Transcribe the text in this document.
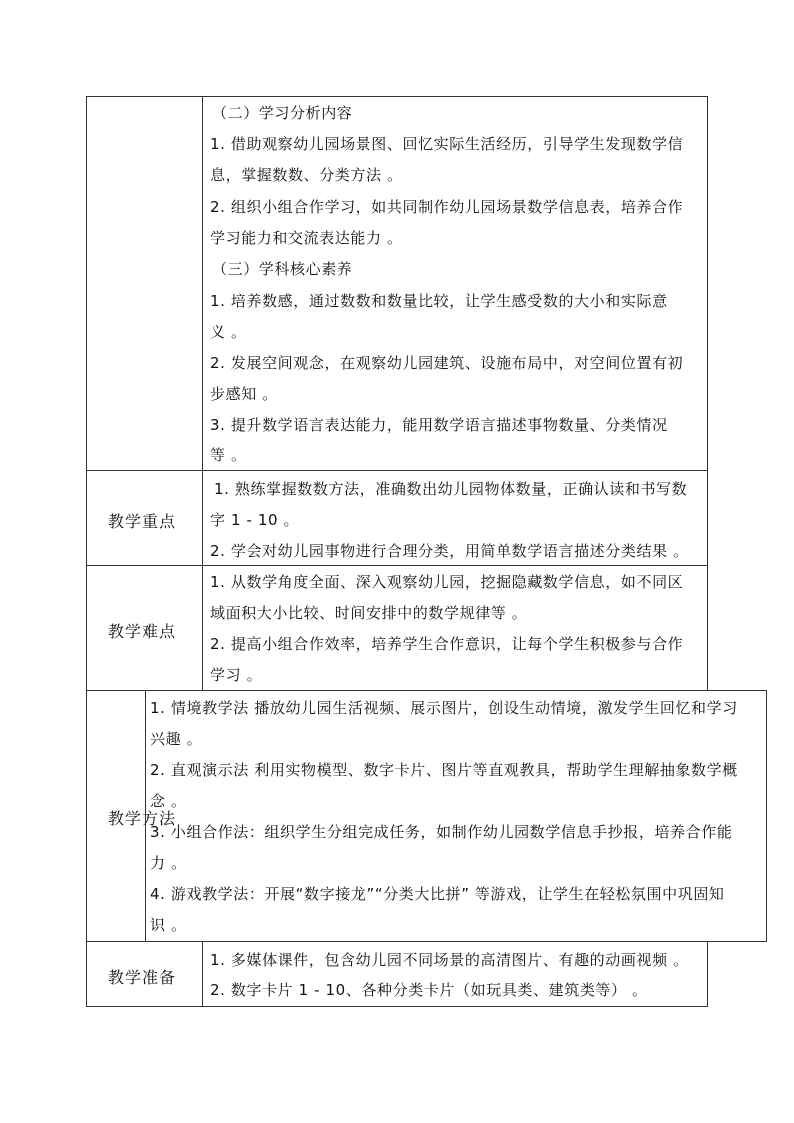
（二）学习分析内容
1. 借助观察幼儿园场景图、回忆实际生活经历，引导学生发现数学信
息，掌握数数、分类方法 。
2. 组织小组合作学习，如共同制作幼儿园场景数学信息表，培养合作
学习能力和交流表达能力 。
（三）学科核心素养
1. 培养数感，通过数数和数量比较，让学生感受数的大小和实际意
义 。
2. 发展空间观念，在观察幼儿园建筑、设施布局中，对空间位置有初
步感知 。
3. 提升数学语言表达能力，能用数学语言描述事物数量、分类情况
等 。
教学重点
1. 熟练掌握数数方法，准确数出幼儿园物体数量，正确认读和书写数
字 1 - 10 。
2. 学会对幼儿园事物进行合理分类，用简单数学语言描述分类结果 。
教学难点
1. 从数学角度全面、深入观察幼儿园，挖掘隐藏数学信息，如不同区
域面积大小比较、时间安排中的数学规律等 。
2. 提高小组合作效率，培养学生合作意识，让每个学生积极参与合作
学习 。
教学方法
1. 情境教学法 播放幼儿园生活视频、展示图片，创设生动情境，激发学生回忆和学习
兴趣 。
2. 直观演示法 利用实物模型、数字卡片、图片等直观教具，帮助学生理解抽象数学概
念 。
3. 小组合作法：组织学生分组完成任务，如制作幼儿园数学信息手抄报，培养合作能
力 。
4. 游戏教学法：开展“数字接龙”“分类大比拼” 等游戏，让学生在轻松氛围中巩固知
识 。
教学准备
1. 多媒体课件，包含幼儿园不同场景的高清图片、有趣的动画视频 。
2. 数字卡片 1 - 10、各种分类卡片（如玩具类、建筑类等） 。
